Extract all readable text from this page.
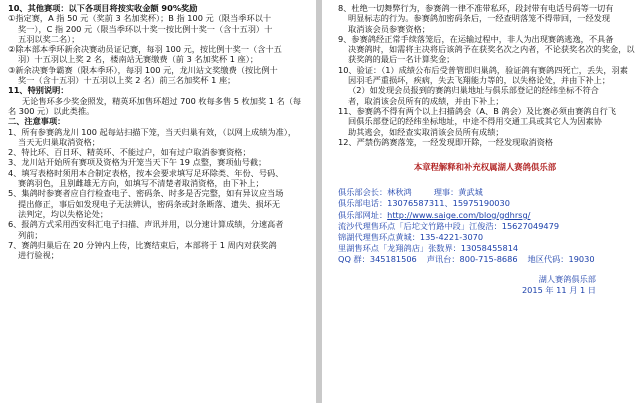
10、其他赛项：以下各项目将按实收金额 90%奖励
①指定赛，A 指 50 元（奖前 3 名加奖杯）；B 指 100 元（限当季环以十
奖一），C 指 200 元（限当季环以十奖一按比例十奖一（含十五羽）十
五羽以奖二名）；
②除本部本季环新余决赛动员证记赛，每羽 100 元，按比例十奖一（含十五
羽）十五羽以上奖 2 名，楼南站无赛缴费（前 3 名加奖杯 1 座）；
③新余决赛争霸赛（限本季环），每羽 100 元，龙川站文奖缴费（按比例十
奖一（含十五羽）十五羽以上奖 2 名）前三名加奖杯 1 座；
11、特别说明：
无论售环多少奖金照发，精英环加售环超过 700 枚每多售 5 枚加奖 1 名（每
名 300 元）以此类推。
二、注意事项：
1、所有参赛鸽龙川 100 起每站扫描下笼，当天归巢有效，（以网上成绩为准），
当天无归巢取消资格；
2、特比环、百日环、精英环、不能过户，如有过户取消参赛资格；
3、龙川站开始所有赛项及资格为开笼当天下午 19 点整，赛项仙号截；
4、填写表格时须用本合制定表格，按本会要求填写足环除类、年份、号码、
赛鸽羽色，且别雌雄无方向，如填写不清楚者取消资格，由下补上；
5、集鸽时参赛者应自行检查电子、密码条、时多是否完整，如有异议应当场
提出修正，事后如发现电子无法辨认，密码条或封条断落、遗失、损坏无
法判定，均以失格论处；
6、报鸽方式采用西安科汇电子扫描、声讯并用，以分速计算成绩，分速高者
列前；
7、赛鸽归巢后在 20 分钟内上传，比赛结束后，本部将于 1 周内对获奖鸽
进行验视；
8、杜绝一切舞弊行为，参赛鸽一律不准带私环，段封带有电话号码等一切有
明显标志的行为。参赛鸽加密码条后，一经查明落笼不得带回，一经发现
取消该会员参赛资格；
9、参赛鸽经正常手续落笼后，在运输过程中，非人为出现赛鸽逃逸，不具备
决赛鸽时，如需将主决将后该鸽予在获奖名次之内者，不论获奖名次的奖金，以
获奖鸽的最后一名计算奖金；
10、验证：（1）成绩公布后受普管即归巢鸽，验证鸽有赛鸽四死亡，丢失，羽素
因羽毛严重损坏，疾病，失去飞翔能力等的，以失格论处，并由下补上；
（2）如发现会员报到的赛鸽归巢地址与俱乐部登记的经纬坐标不符合
者，取消该会员所有的成绩，并由下补上；
11、参赛鸽不得有两个以上扫描鸽会（A、B 鸽会）及比赛必须由赛鸽自行飞
回俱乐部登记的经纬坐标地址，中途不得用交通工具或其它人为因素协
助其逃会，如经查实取消该会员所有成绩；
12、严禁伤鸽赛落笼，一经发现即开除，一经发现取消资格
本章程解释和补充权属湖人赛鸽俱乐部
俱乐部会长：林秋鸿	理事：黄武城
俱乐部电话：13076587311、15975190030
俱乐部网址：http://www.saige.com/blog/gdhrsg/
流沙代理售环点「后坨文竹路中段」江俊浩：15627049479
锦湖代理售环点黄城：135-4221-3070
里湖售环点「龙翔鸽店」张数界：13058455814
QQ 群：345181506 声讯台：800-715-8686 地区代码：19030
湖人赛鸽俱乐部
2015 年 11 月 1 日
